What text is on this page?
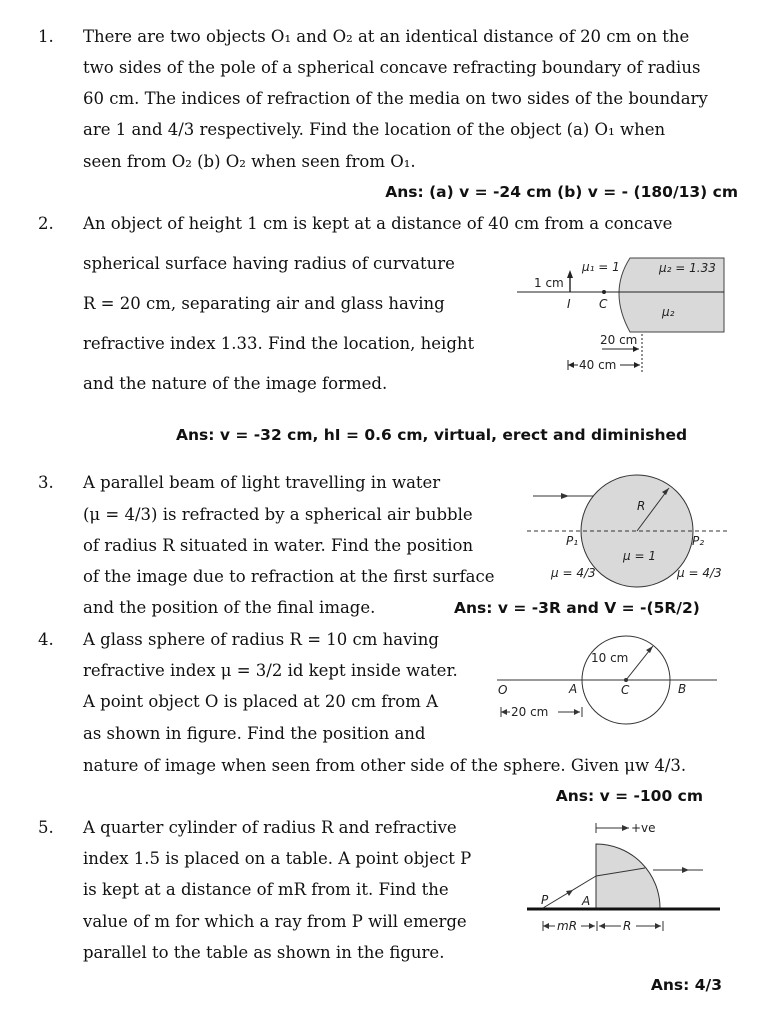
1. There are two objects O₁ and O₂ at an identical distance of 20 cm on the
two sides of the pole of a spherical concave refracting boundary of radius
60 cm. The indices of refraction of the media on two sides of the boundary
are 1 and 4/3 respectively. Find the location of the object (a) O₁ when
seen from O₂ (b) O₂ when seen from O₁.
Ans: (a) v = -24 cm (b) v = - (180/13) cm
2. An object of height 1 cm is kept at a distance of 40 cm from a concave
spherical surface having radius of curvature
R = 20 cm, separating air and glass having
refractive index 1.33. Find the location, height
and the nature of the image formed.
Ans: v = -32 cm, hI = 0.6 cm, virtual, erect and diminished
1 cm
μ₁ = 1	μ₂ = 1.33
μ₂
I C
20 cm
40 cm
3. A parallel beam of light travelling in water
(μ = 4/3) is refracted by a spherical air bubble
of radius R situated in water. Find the position
of the image due to refraction at the first surface
and the position of the final image.	Ans: v = -3R and V = -(5R/2)
R
P₁	P₂
μ = 1
μ = 4/3	μ = 4/3
4. A glass sphere of radius R = 10 cm having
refractive index μ = 3/2 id kept inside water.
A point object O is placed at 20 cm from A
as shown in figure. Find the position and
nature of image when seen from other side of the sphere. Given μw 4/3.
Ans: v = -100 cm
10 cm
O	A	C	B
20 cm
5. A quarter cylinder of radius R and refractive
index 1.5 is placed on a table. A point object P
is kept at a distance of mR from it. Find the
value of m for which a ray from P will emerge
parallel to the table as shown in the figure.
Ans: 4/3
+ve
P	A
mR	R
